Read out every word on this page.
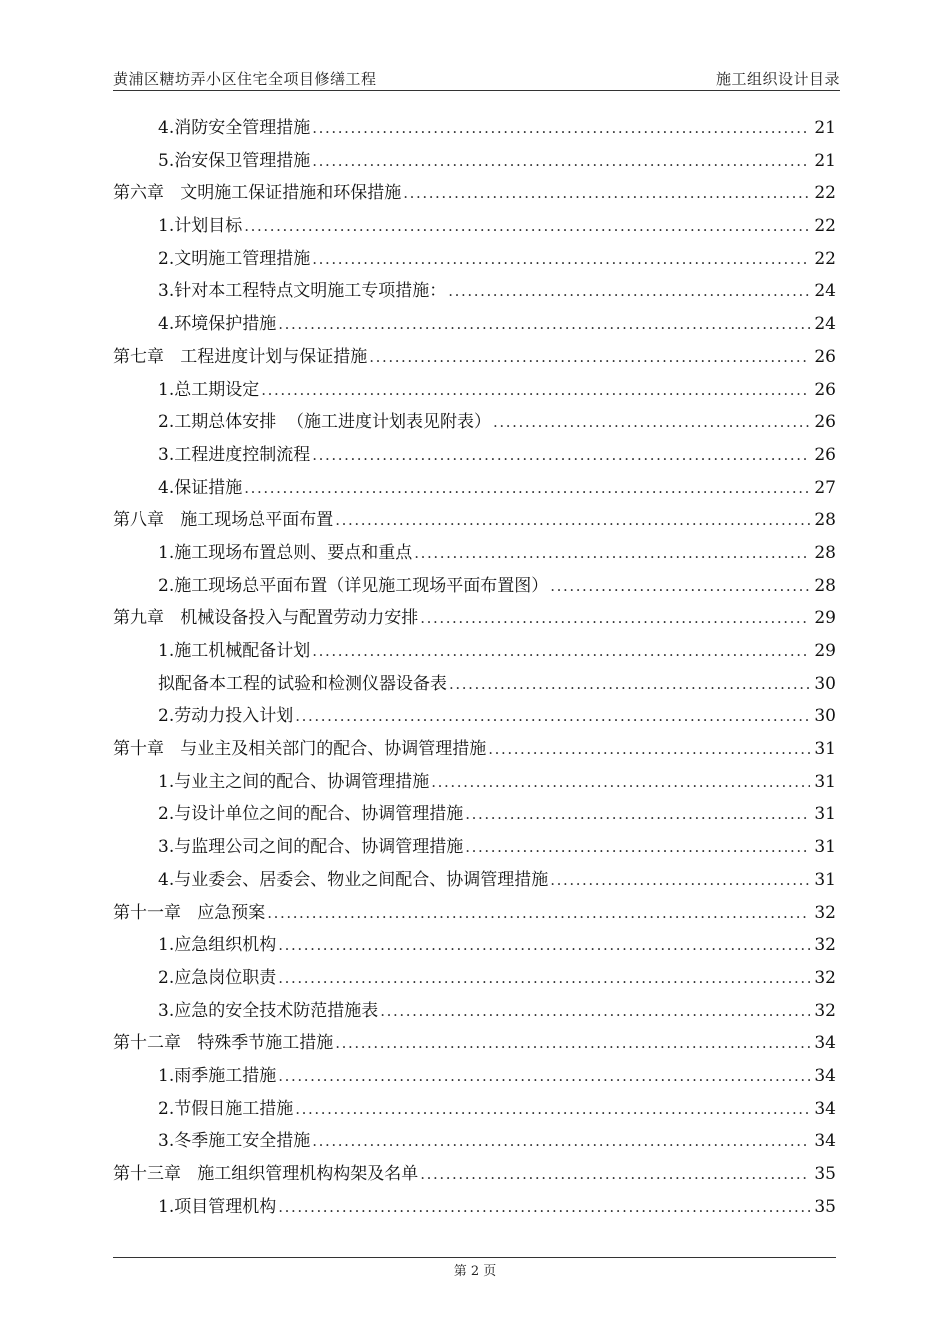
黄浦区糖坊弄小区住宅全项目修缮工程	施工组织设计目录
4.消防安全管理措施 .....	21
5.治安保卫管理措施 .....	21
第六章   文明施工保证措施和环保措施 .....	22
1.计划目标 .....	22
2.文明施工管理措施 .....	22
3.针对本工程特点文明施工专项措施： .....	24
4.环境保护措施 .....	24
第七章   工程进度计划与保证措施 .....	26
1.总工期设定 .....	26
2.工期总体安排  （施工进度计划表见附表） .....	26
3.工程进度控制流程 .....	26
4.保证措施 .....	27
第八章   施工现场总平面布置 .....	28
1.施工现场布置总则、要点和重点 .....	28
2.施工现场总平面布置（详见施工现场平面布置图） .....	28
第九章   机械设备投入与配置劳动力安排 .....	29
1.施工机械配备计划 .....	29
拟配备本工程的试验和检测仪器设备表 .....	30
2.劳动力投入计划 .....	30
第十章   与业主及相关部门的配合、协调管理措施 .....	31
1.与业主之间的配合、协调管理措施 .....	31
2.与设计单位之间的配合、协调管理措施 .....	31
3.与监理公司之间的配合、协调管理措施 .....	31
4.与业委会、居委会、物业之间配合、协调管理措施 .....	31
第十一章   应急预案 .....	32
1.应急组织机构 .....	32
2.应急岗位职责 .....	32
3.应急的安全技术防范措施表 .....	32
第十二章   特殊季节施工措施 .....	34
1.雨季施工措施 .....	34
2.节假日施工措施 .....	34
3.冬季施工安全措施 .....	34
第十三章   施工组织管理机构构架及名单 .....	35
1.项目管理机构 .....	35
第 2 页
